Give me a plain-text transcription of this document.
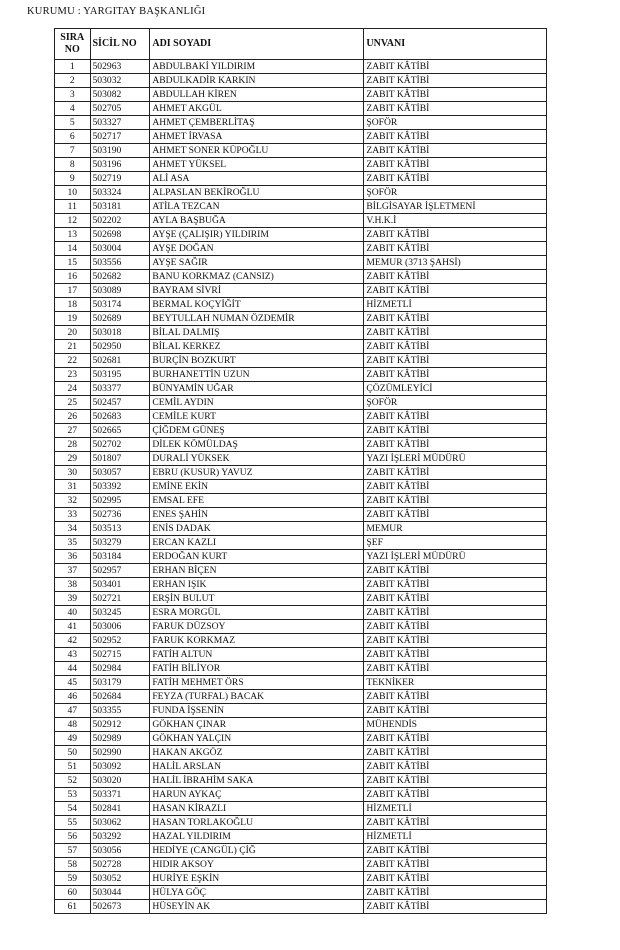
KURUMU : YARGITAY BAŞKANLIĞI
SIRA
NO	SİCİL NO	ADI SOYADI	UNVANI
1	502963	ABDULBAKİ YILDIRIM	ZABIT KÂTİBİ
2	503032	ABDULKADİR KARKIN	ZABIT KÂTİBİ
3	503082	ABDULLAH KİREN	ZABIT KÂTİBİ
4	502705	AHMET AKGÜL	ZABIT KÂTİBİ
5	503327	AHMET ÇEMBERLİTAŞ	ŞOFÖR
6	502717	AHMET İRVASA	ZABIT KÂTİBİ
7	503190	AHMET SONER KÜPOĞLU	ZABIT KÂTİBİ
8	503196	AHMET YÜKSEL	ZABIT KÂTİBİ
9	502719	ALİ ASA	ZABIT KÂTİBİ
10	503324	ALPASLAN BEKİROĞLU	ŞOFÖR
11	503181	ATİLA TEZCAN	BİLGİSAYAR İŞLETMENİ
12	502202	AYLA BAŞBUĞA	V.H.K.İ
13	502698	AYŞE (ÇALIŞIR) YILDIRIM	ZABIT KÂTİBİ
14	503004	AYŞE DOĞAN	ZABIT KÂTİBİ
15	503556	AYŞE SAĞIR	MEMUR (3713 ŞAHSİ)
16	502682	BANU KORKMAZ (CANSIZ)	ZABIT KÂTİBİ
17	503089	BAYRAM SİVRİ	ZABIT KÂTİBİ
18	503174	BERMAL KOÇYİĞİT	HİZMETLİ
19	502689	BEYTULLAH NUMAN ÖZDEMİR	ZABIT KÂTİBİ
20	503018	BİLAL DALMIŞ	ZABIT KÂTİBİ
21	502950	BİLAL KERKEZ	ZABIT KÂTİBİ
22	502681	BURÇİN BOZKURT	ZABIT KÂTİBİ
23	503195	BURHANETTİN UZUN	ZABIT KÂTİBİ
24	503377	BÜNYAMİN UĞAR	ÇÖZÜMLEYİCİ
25	502457	CEMİL AYDIN	ŞOFÖR
26	502683	CEMİLE KURT	ZABIT KÂTİBİ
27	502665	ÇİĞDEM GÜNEŞ	ZABIT KÂTİBİ
28	502702	DİLEK KÖMÜLDAŞ	ZABIT KÂTİBİ
29	501807	DURALİ YÜKSEK	YAZI İŞLERİ MÜDÜRÜ
30	503057	EBRU (KUSUR) YAVUZ	ZABIT KÂTİBİ
31	503392	EMİNE EKİN	ZABIT KÂTİBİ
32	502995	EMSAL EFE	ZABIT KÂTİBİ
33	502736	ENES ŞAHİN	ZABIT KÂTİBİ
34	503513	ENİS DADAK	MEMUR
35	503279	ERCAN KAZLI	ŞEF
36	503184	ERDOĞAN KURT	YAZI İŞLERİ MÜDÜRÜ
37	502957	ERHAN BİÇEN	ZABIT KÂTİBİ
38	503401	ERHAN IŞIK	ZABIT KÂTİBİ
39	502721	ERŞİN BULUT	ZABIT KÂTİBİ
40	503245	ESRA MORGÜL	ZABIT KÂTİBİ
41	503006	FARUK DÜZSOY	ZABIT KÂTİBİ
42	502952	FARUK KORKMAZ	ZABIT KÂTİBİ
43	502715	FATİH ALTUN	ZABIT KÂTİBİ
44	502984	FATİH BİLİYOR	ZABIT KÂTİBİ
45	503179	FATİH MEHMET ÖRS	TEKNİKER
46	502684	FEYZA (TURFAL) BACAK	ZABIT KÂTİBİ
47	503355	FUNDA İŞSENİN	ZABIT KÂTİBİ
48	502912	GÖKHAN ÇINAR	MÜHENDİS
49	502989	GÖKHAN YALÇIN	ZABIT KÂTİBİ
50	502990	HAKAN AKGÖZ	ZABIT KÂTİBİ
51	503092	HALİL ARSLAN	ZABIT KÂTİBİ
52	503020	HALİL İBRAHİM SAKA	ZABIT KÂTİBİ
53	503371	HARUN AYKAÇ	ZABIT KÂTİBİ
54	502841	HASAN KİRAZLI	HİZMETLİ
55	503062	HASAN TORLAKOĞLU	ZABIT KÂTİBİ
56	503292	HAZAL YILDIRIM	HİZMETLİ
57	503056	HEDİYE (CANGÜL) ÇİĞ	ZABIT KÂTİBİ
58	502728	HIDIR AKSOY	ZABIT KÂTİBİ
59	503052	HURİYE EŞKİN	ZABIT KÂTİBİ
60	503044	HÜLYA GÖÇ	ZABIT KÂTİBİ
61	502673	HÜSEYİN AK	ZABIT KÂTİBİ
